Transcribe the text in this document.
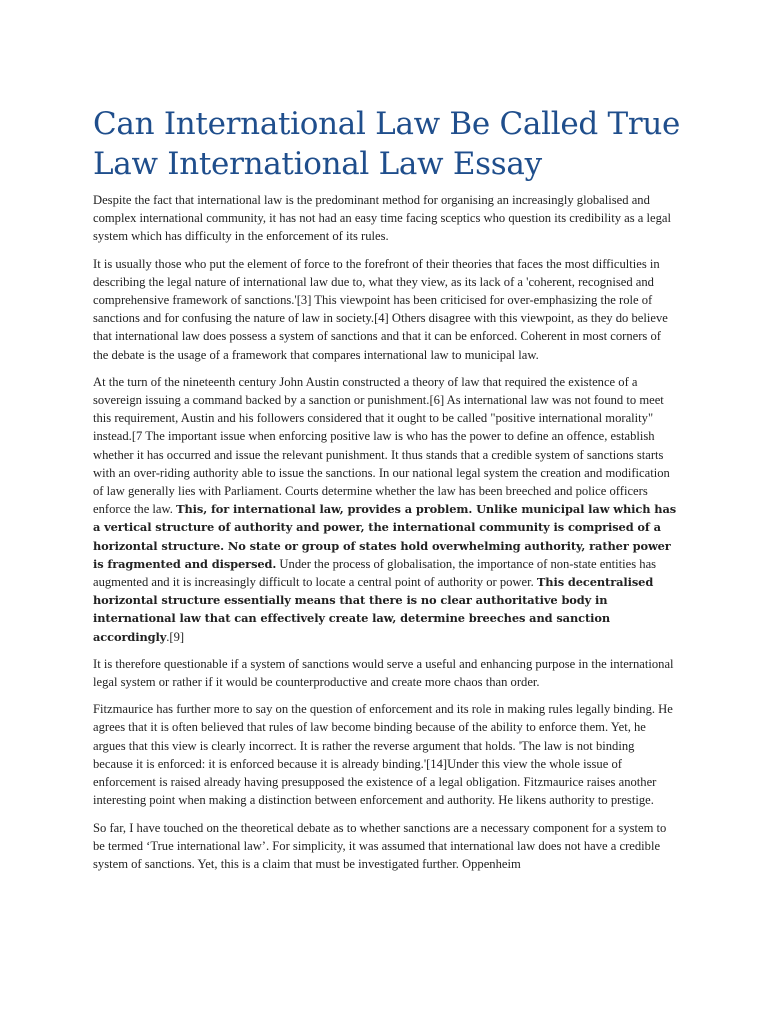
Can International Law Be Called True Law International Law Essay

Despite the fact that international law is the predominant method for organising an increasingly globalised and complex international community, it has not had an easy time facing sceptics who question its credibility as a legal system which has difficulty in the enforcement of its rules.

It is usually those who put the element of force to the forefront of their theories that faces the most difficulties in describing the legal nature of international law due to, what they view, as its lack of a 'coherent, recognised and comprehensive framework of sanctions.'[3] This viewpoint has been criticised for over-emphasizing the role of sanctions and for confusing the nature of law in society.[4] Others disagree with this viewpoint, as they do believe that international law does possess a system of sanctions and that it can be enforced. Coherent in most corners of the debate is the usage of a framework that compares international law to municipal law.

At the turn of the nineteenth century John Austin constructed a theory of law that required the existence of a sovereign issuing a command backed by a sanction or punishment.[6] As international law was not found to meet this requirement, Austin and his followers considered that it ought to be called "positive international morality" instead.[7 The important issue when enforcing positive law is who has the power to define an offence, establish whether it has occurred and issue the relevant punishment. It thus stands that a credible system of sanctions starts with an over-riding authority able to issue the sanctions. In our national legal system the creation and modification of law generally lies with Parliament. Courts determine whether the law has been breeched and police officers enforce the law. This, for international law, provides a problem. Unlike municipal law which has a vertical structure of authority and power, the international community is comprised of a horizontal structure. No state or group of states hold overwhelming authority, rather power is fragmented and dispersed. Under the process of globalisation, the importance of non-state entities has augmented and it is increasingly difficult to locate a central point of authority or power. This decentralised horizontal structure essentially means that there is no clear authoritative body in international law that can effectively create law, determine breeches and sanction accordingly.[9]

It is therefore questionable if a system of sanctions would serve a useful and enhancing purpose in the international legal system or rather if it would be counterproductive and create more chaos than order.

Fitzmaurice has further more to say on the question of enforcement and its role in making rules legally binding. He agrees that it is often believed that rules of law become binding because of the ability to enforce them. Yet, he argues that this view is clearly incorrect. It is rather the reverse argument that holds. 'The law is not binding because it is enforced: it is enforced because it is already binding.'[14]Under this view the whole issue of enforcement is raised already having presupposed the existence of a legal obligation. Fitzmaurice raises another interesting point when making a distinction between enforcement and authority. He likens authority to prestige.

So far, I have touched on the theoretical debate as to whether sanctions are a necessary component for a system to be termed ‘True international law’. For simplicity, it was assumed that international law does not have a credible system of sanctions. Yet, this is a claim that must be investigated further. Oppenheim
